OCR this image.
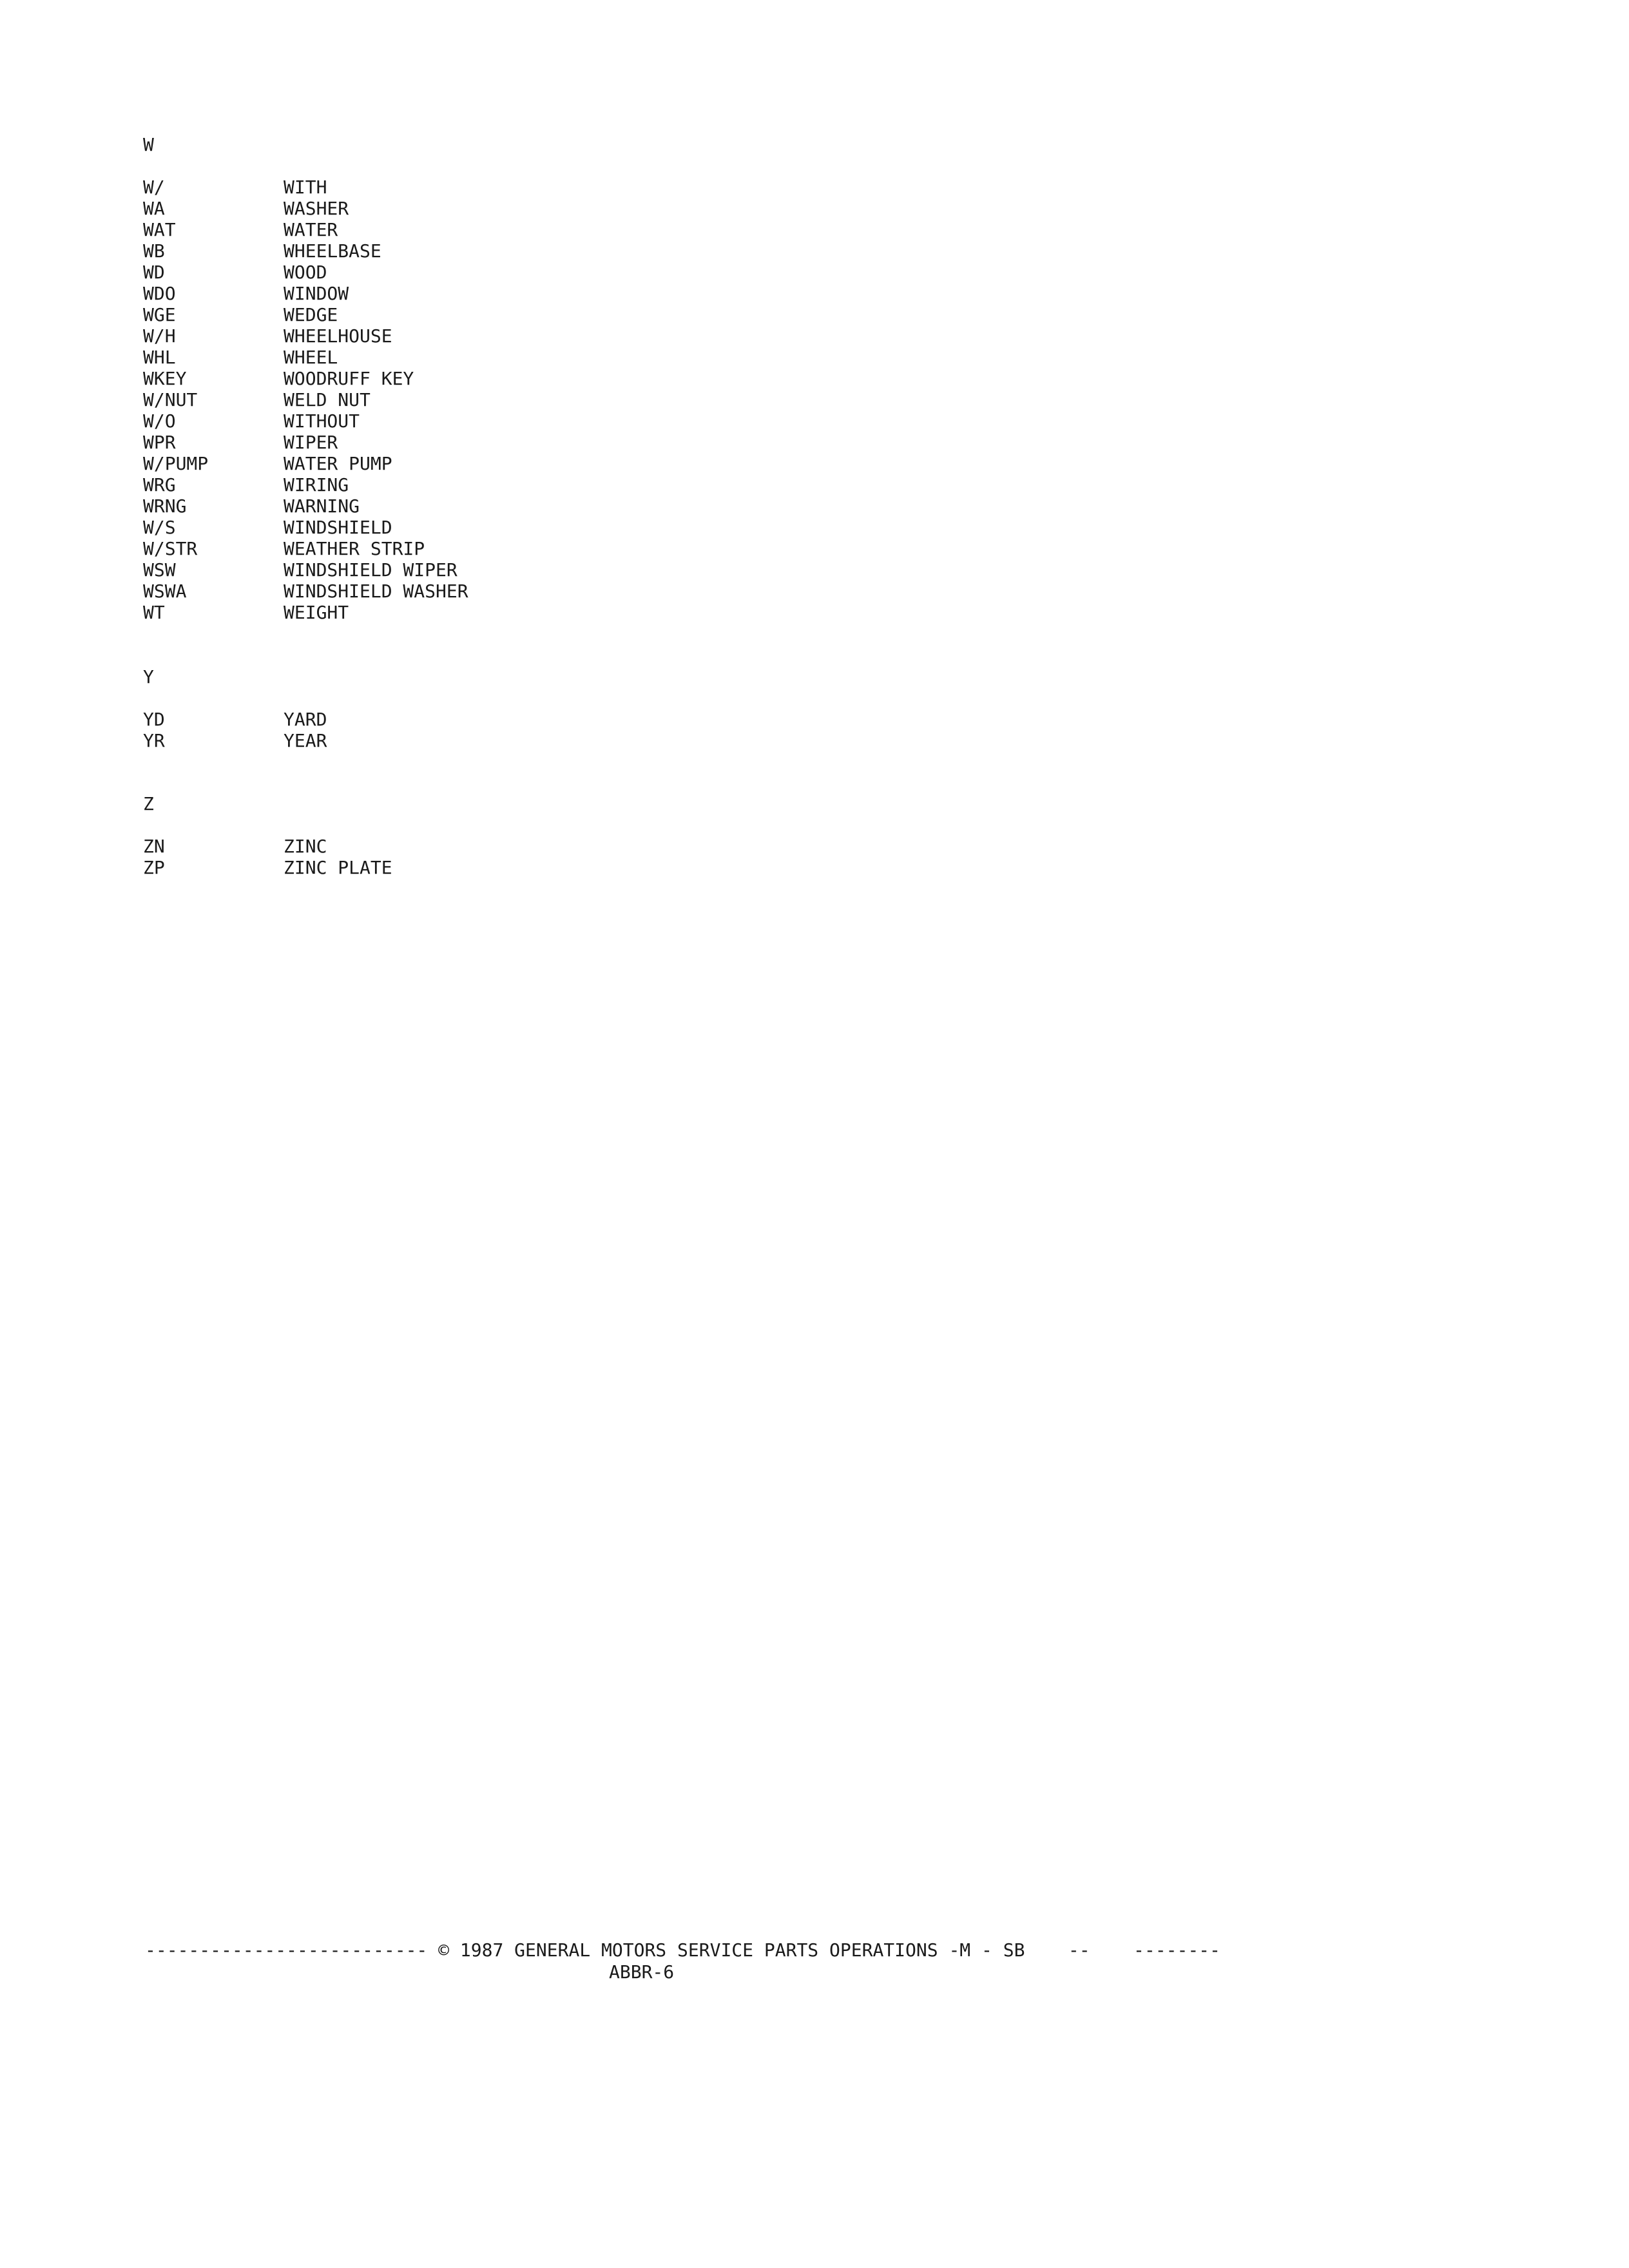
W
W/	WITH
WA	WASHER
WAT	WATER
WB	WHEELBASE
WD	WOOD
WDO	WINDOW
WGE	WEDGE
W/H	WHEELHOUSE
WHL	WHEEL
WKEY	WOODRUFF KEY
W/NUT	WELD NUT
W/O	WITHOUT
WPR	WIPER
W/PUMP	WATER PUMP
WRG	WIRING
WRNG	WARNING
W/S	WINDSHIELD
W/STR	WEATHER STRIP
WSW	WINDSHIELD WIPER
WSWA	WINDSHIELD WASHER
WT	WEIGHT
Y
YD	YARD
YR	YEAR
Z
ZN	ZINC
ZP	ZINC PLATE
-------------------------- © 1987 GENERAL MOTORS SERVICE PARTS OPERATIONS -M - SB    --    --------
ABBR-6
